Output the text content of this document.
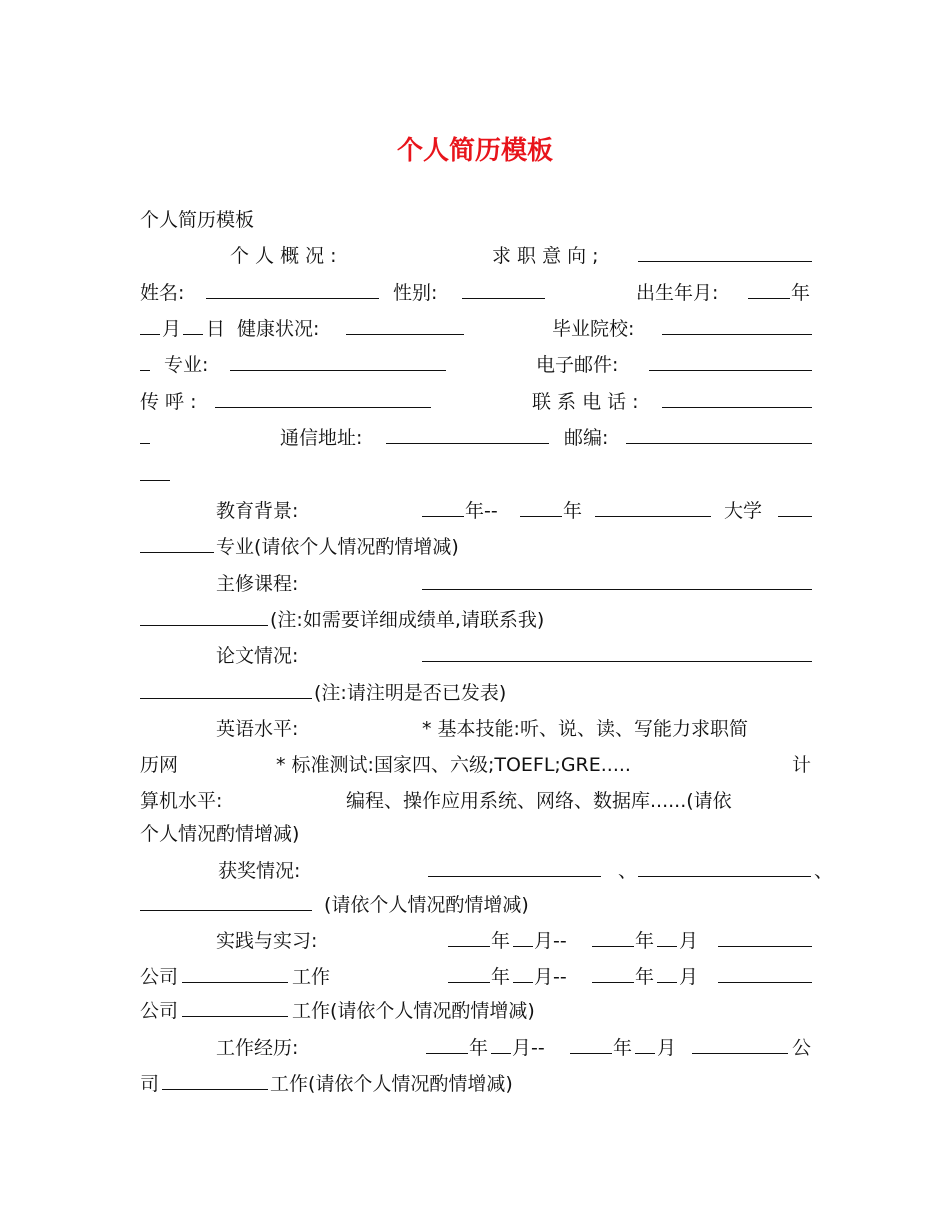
个人简历模板
个人简历模板
个 人 概 况 :	求 职 意 向 ;
姓名:	性别:	出生年月:	年
月 日 健康状况:	毕业院校:
专业:	电子邮件:
传 呼 :	联 系 电 话 :
通信地址:	邮编:
教育背景:	年--	年	大学
专业(请依个人情况酌情增减)
主修课程:
(注:如需要详细成绩单,请联系我)
论文情况:
(注:请注明是否已发表)
英语水平:	* 基本技能:听、说、读、写能力求职简
历网	* 标准测试:国家四、六级;TOEFL;GRE.....	计
算机水平:	编程、操作应用系统、网络、数据库......(请依
个人情况酌情增减)
获奖情况:	、	、
(请依个人情况酌情增减)
实践与实习:	年 月--	年 月
公司	工作	年 月--	年 月
公司	工作(请依个人情况酌情增减)
工作经历:	年 月--	年 月	公
司	工作(请依个人情况酌情增减)
